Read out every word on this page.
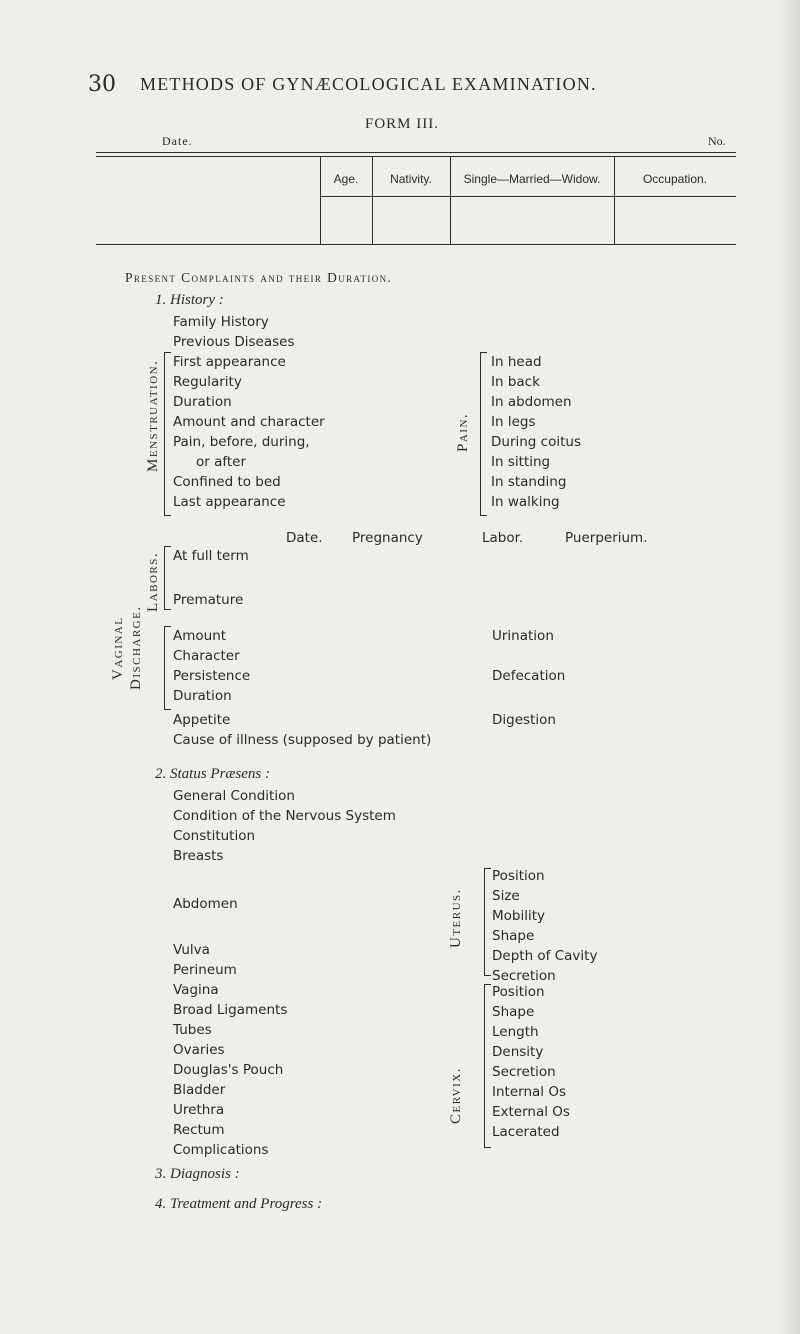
30 METHODS OF GYNÆCOLOGICAL EXAMINATION.
FORM III.
Date.	No.
Age.	Nativity.	Single—Married—Widow.	Occupation.
Present Complaints and their Duration.
1. History :
Family History
Previous Diseases
Menstruation. First appearance
Regularity
Duration
Amount and character
Pain, before, during,
or after
Confined to bed
Last appearance
Pain.
In head
In back
In abdomen
In legs
During coitus
In sitting
In standing
In walking
Date. Pregnancy	Labor.	Puerperium.
Labors. At full term
Premature
Vaginal Discharge. Amount
Character
Persistence
Duration
Urination
Defecation
Appetite	Digestion
Cause of illness (supposed by patient)
2. Status Præsens :
General Condition
Condition of the Nervous System
Constitution
Breasts
Abdomen
Vulva
Perineum
Vagina
Broad Ligaments
Tubes
Ovaries
Douglas's Pouch
Bladder
Urethra
Rectum
Complications
Uterus.
Position
Size
Mobility
Shape
Depth of Cavity
Secretion
Cervix.
Position
Shape
Length
Density
Secretion
Internal Os
External Os
Lacerated
3. Diagnosis :
4. Treatment and Progress :
